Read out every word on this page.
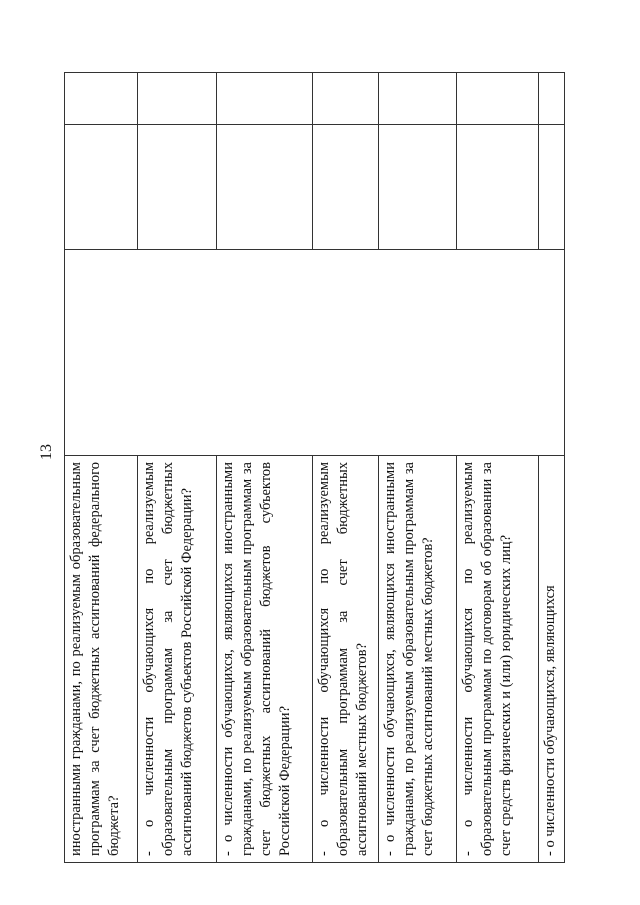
13
иностранными гражданами, по реализуемым образовательным программам за счет бюджетных ассигнований федерального бюджета?			
- о численности обучающихся по реализуемым образовательным программам за счет бюджетных ассигнований бюджетов субъектов Российской Федерации?			
- о численности обучающихся, являющихся иностранными гражданами, по реализуемым образовательным программам за счет бюджетных ассигнований бюджетов субъектов Российской Федерации?			
- о численности обучающихся по реализуемым образовательным программам за счет бюджетных ассигнований местных бюджетов?			
- о численности обучающихся, являющихся иностранными гражданами, по реализуемым образовательным программам за счет бюджетных ассигнований местных бюджетов?			
- о численности обучающихся по реализуемым образовательным программам по договорам об образовании за счет средств физических и (или) юридических лиц?			
- о численности обучающихся, являющихся			
